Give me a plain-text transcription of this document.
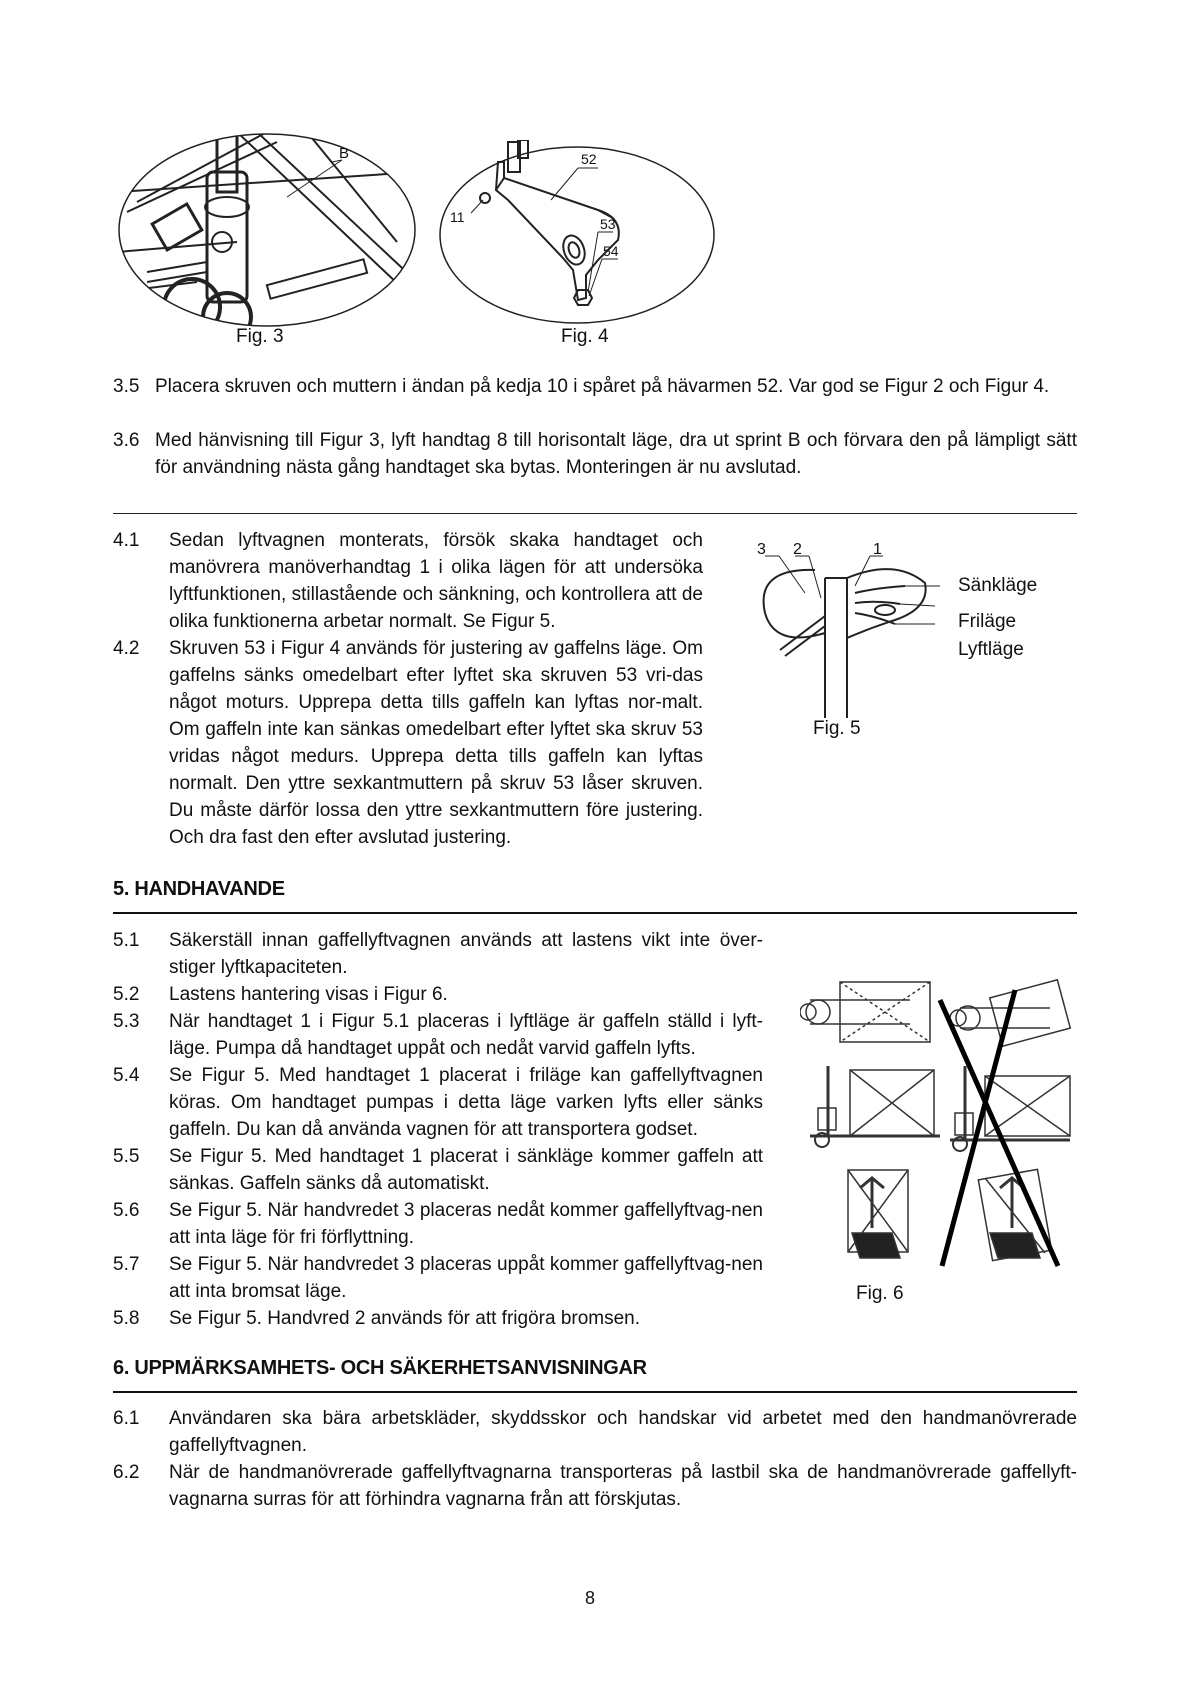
B
Fig. 3
52
11	53
54
Fig. 4
3.5 Placera skruven och muttern i ändan på kedja 10 i spåret på hävarmen 52. Var god se Figur 2 och Figur 4.
3.6 Med hänvisning till Figur 3, lyft handtag 8 till horisontalt läge, dra ut sprint B och förvara den på lämpligt sätt för användning nästa gång handtaget ska bytas. Monteringen är nu avslutad.
4.1 Sedan lyftvagnen monterats, försök skaka handtaget och manövrera manöverhandtag 1 i olika lägen för att undersöka lyftfunktionen, stillastående och sänkning, och kontrollera att de olika funktionerna arbetar normalt. Se Figur 5.
4.2 Skruven 53 i Figur 4 används för justering av gaffelns läge. Om gaffelns sänks omedelbart efter lyftet ska skruven 53 vri-das något moturs. Upprepa detta tills gaffeln kan lyftas nor-malt. Om gaffeln inte kan sänkas omedelbart efter lyftet ska skruv 53 vridas något medurs. Upprepa detta tills gaffeln kan lyftas normalt. Den yttre sexkantmuttern på skruv 53 låser skruven. Du måste därför lossa den yttre sexkantmuttern före justering. Och dra fast den efter avslutad justering.
3 2	1
Sänkläge
Friläge
Lyftläge
Fig. 5
5. HANDHAVANDE
5.1 Säkerställ innan gaffellyftvagnen används att lastens vikt inte över-stiger lyftkapaciteten.
5.2 Lastens hantering visas i Figur 6.
5.3 När handtaget 1 i Figur 5.1 placeras i lyftläge är gaffeln ställd i lyft-läge. Pumpa då handtaget uppåt och nedåt varvid gaffeln lyfts.
5.4 Se Figur 5. Med handtaget 1 placerat i friläge kan gaffellyftvagnen köras. Om handtaget pumpas i detta läge varken lyfts eller sänks gaffeln. Du kan då använda vagnen för att transportera godset.
5.5 Se Figur 5. Med handtaget 1 placerat i sänkläge kommer gaffeln att sänkas. Gaffeln sänks då automatiskt.
5.6 Se Figur 5. När handvredet 3 placeras nedåt kommer gaffellyftvag-nen att inta läge för fri förflyttning.
5.7 Se Figur 5. När handvredet 3 placeras uppåt kommer gaffellyftvag-nen att inta bromsat läge.
5.8 Se Figur 5. Handvred 2 används för att frigöra bromsen.
Fig. 6
6. UPPMÄRKSAMHETS- OCH SÄKERHETSANVISNINGAR
6.1 Användaren ska bära arbetskläder, skyddsskor och handskar vid arbetet med den handmanövrerade gaffellyftvagnen.
6.2 När de handmanövrerade gaffellyftvagnarna transporteras på lastbil ska de handmanövrerade gaffellyft-vagnarna surras för att förhindra vagnarna från att förskjutas.
8
